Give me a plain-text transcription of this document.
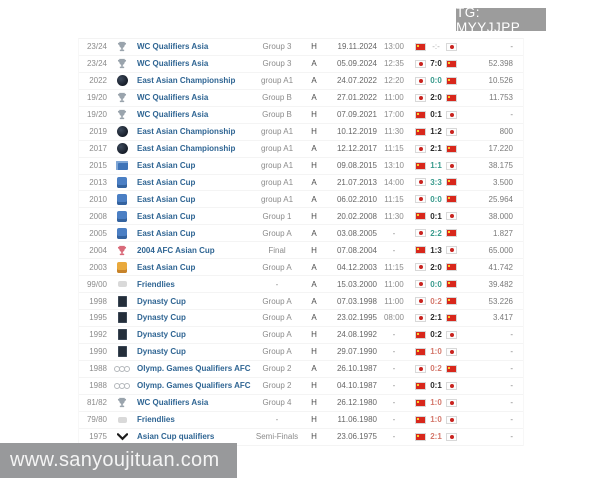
23/24	WC Qualifiers Asia	Group 3	H	19.11.2024 13:00	-:-	-
23/24	WC Qualifiers Asia	Group 3	A	05.09.2024 12:35	7:0	52.398
2022	East Asian Championship	group A1	A	24.07.2022 12:20	0:0	10.526
19/20	WC Qualifiers Asia	Group B	A	27.01.2022 11:00	2:0	11.753
19/20	WC Qualifiers Asia	Group B	H	07.09.2021 17:00	0:1	-
2019	East Asian Championship	group A1	H	10.12.2019 11:30	1:2	800
2017	East Asian Championship	group A1	A	12.12.2017 11:15	2:1	17.220
2015	East Asian Cup	group A1	H	09.08.2015 13:10	1:1	38.175
2013	East Asian Cup	group A1	A	21.07.2013 14:00	3:3	3.500
2010	East Asian Cup	group A1	A	06.02.2010 11:15	0:0	25.964
2008	East Asian Cup	Group 1	H	20.02.2008 11:30	0:1	38.000
2005	East Asian Cup	Group A	A	03.08.2005	-	2:2	1.827
2004	2004 AFC Asian Cup	Final	H	07.08.2004	-	1:3	65.000
2003	East Asian Cup	Group A	A	04.12.2003 11:15	2:0	41.742
99/00	Friendlies	-	A	15.03.2000 11:00	0:0	39.482
1998	Dynasty Cup	Group A	A	07.03.1998 11:00	0:2	53.226
1995	Dynasty Cup	Group A	A	23.02.1995 08:00	2:1	3.417
1992	Dynasty Cup	Group A	H	24.08.1992	-	0:2	-
1990	Dynasty Cup	Group A	H	29.07.1990	-	1:0	-
1988	Olymp. Games Qualifiers AFC	Group 2	A	26.10.1987	-	0:2	-
1988	Olymp. Games Qualifiers AFC	Group 2	H	04.10.1987	-	0:1	-
81/82	WC Qualifiers Asia	Group 4	H	26.12.1980	-	1:0	-
79/80	Friendlies	-	H	11.06.1980	-	1:0	-
1975	Asian Cup qualifiers	Semi-Finals	H	23.06.1975	-	2:1	-
TG: MYYJJPP
www.sanyoujituan.com
